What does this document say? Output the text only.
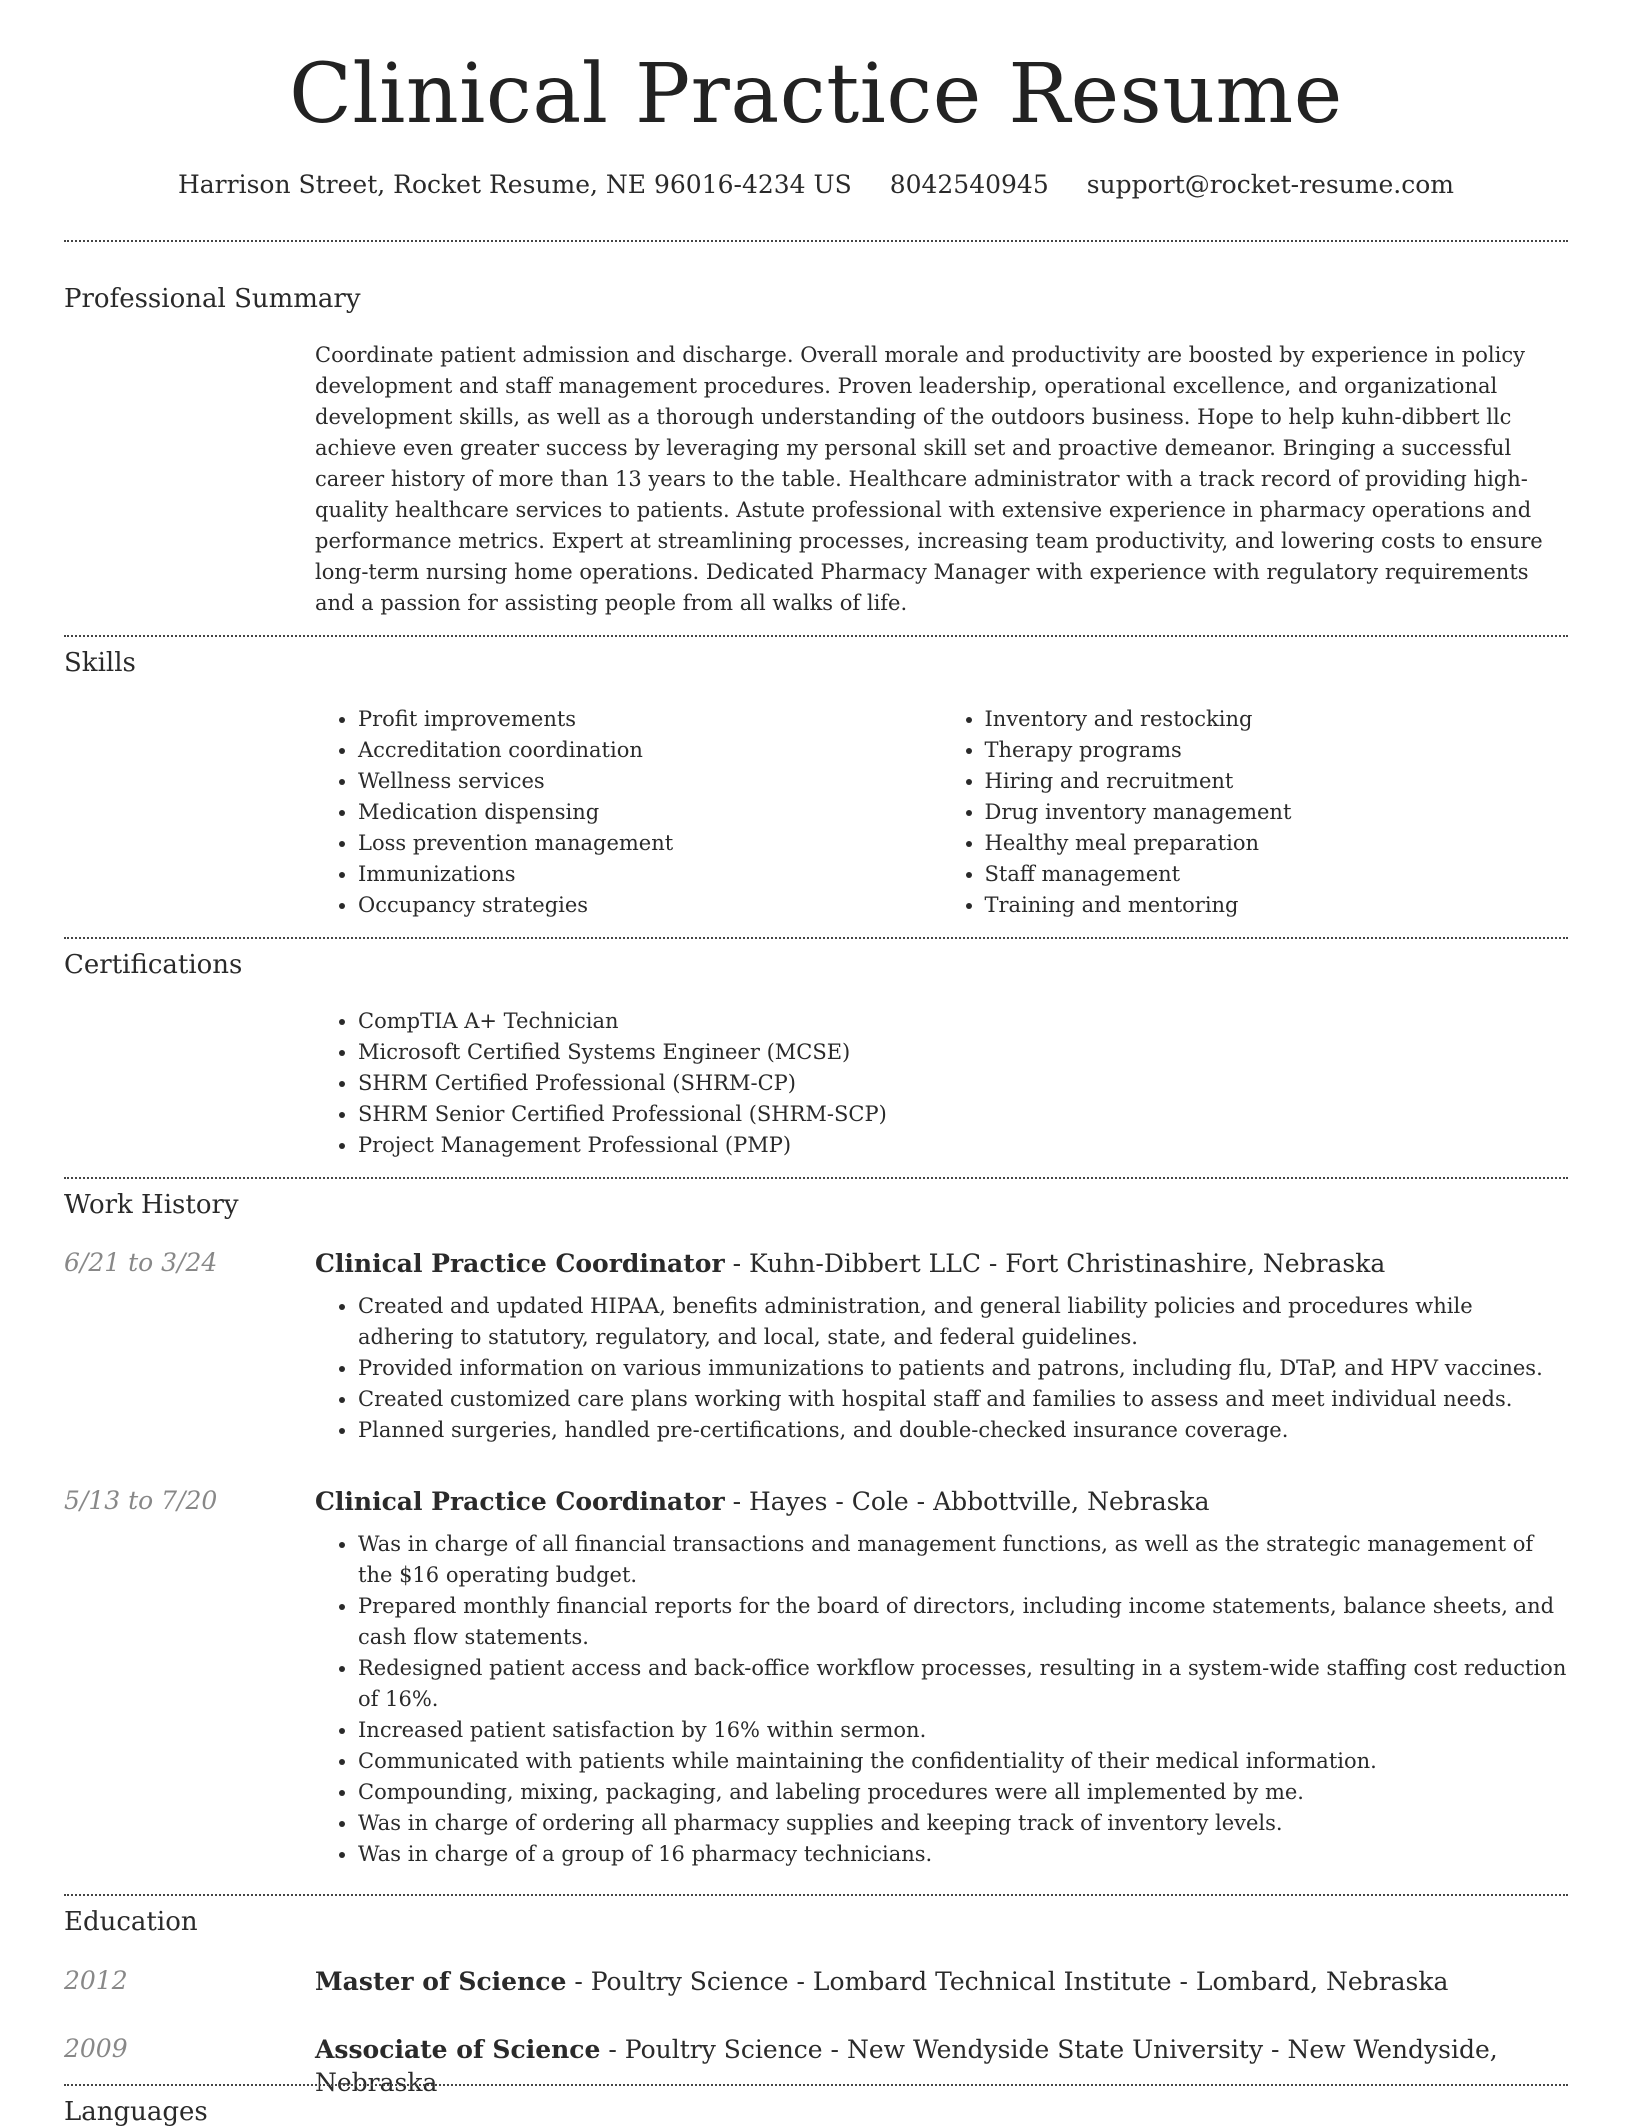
Clinical Practice Resume
Harrison Street, Rocket Resume, NE 96016-4234 US 8042540945 support@rocket-resume.com
Professional Summary
Coordinate patient admission and discharge. Overall morale and productivity are boosted by experience in policy development and staff management procedures. Proven leadership, operational excellence, and organizational development skills, as well as a thorough understanding of the outdoors business. Hope to help kuhn-dibbert llc achieve even greater success by leveraging my personal skill set and proactive demeanor. Bringing a successful career history of more than 13 years to the table. Healthcare administrator with a track record of providing high-quality healthcare services to patients. Astute professional with extensive experience in pharmacy operations and performance metrics. Expert at streamlining processes, increasing team productivity, and lowering costs to ensure long-term nursing home operations. Dedicated Pharmacy Manager with experience with regulatory requirements and a passion for assisting people from all walks of life.
Skills
• Profit improvements
• Accreditation coordination
• Wellness services
• Medication dispensing
• Loss prevention management
• Immunizations
• Occupancy strategies
• Inventory and restocking
• Therapy programs
• Hiring and recruitment
• Drug inventory management
• Healthy meal preparation
• Staff management
• Training and mentoring
Certifications
• CompTIA A+ Technician
• Microsoft Certified Systems Engineer (MCSE)
• SHRM Certified Professional (SHRM-CP)
• SHRM Senior Certified Professional (SHRM-SCP)
• Project Management Professional (PMP)
Work History
6/21 to 3/24	Clinical Practice Coordinator - Kuhn-Dibbert LLC - Fort Christinashire, Nebraska
• Created and updated HIPAA, benefits administration, and general liability policies and procedures while adhering to statutory, regulatory, and local, state, and federal guidelines.
• Provided information on various immunizations to patients and patrons, including flu, DTaP, and HPV vaccines.
• Created customized care plans working with hospital staff and families to assess and meet individual needs.
• Planned surgeries, handled pre-certifications, and double-checked insurance coverage.
5/13 to 7/20	Clinical Practice Coordinator - Hayes - Cole - Abbottville, Nebraska
• Was in charge of all financial transactions and management functions, as well as the strategic management of the $16 operating budget.
• Prepared monthly financial reports for the board of directors, including income statements, balance sheets, and cash flow statements.
• Redesigned patient access and back-office workflow processes, resulting in a system-wide staffing cost reduction of 16%.
• Increased patient satisfaction by 16% within sermon.
• Communicated with patients while maintaining the confidentiality of their medical information.
• Compounding, mixing, packaging, and labeling procedures were all implemented by me.
• Was in charge of ordering all pharmacy supplies and keeping track of inventory levels.
• Was in charge of a group of 16 pharmacy technicians.
Education
2012	Master of Science - Poultry Science - Lombard Technical Institute - Lombard, Nebraska
2009	Associate of Science - Poultry Science - New Wendyside State University - New Wendyside, Nebraska
Languages
